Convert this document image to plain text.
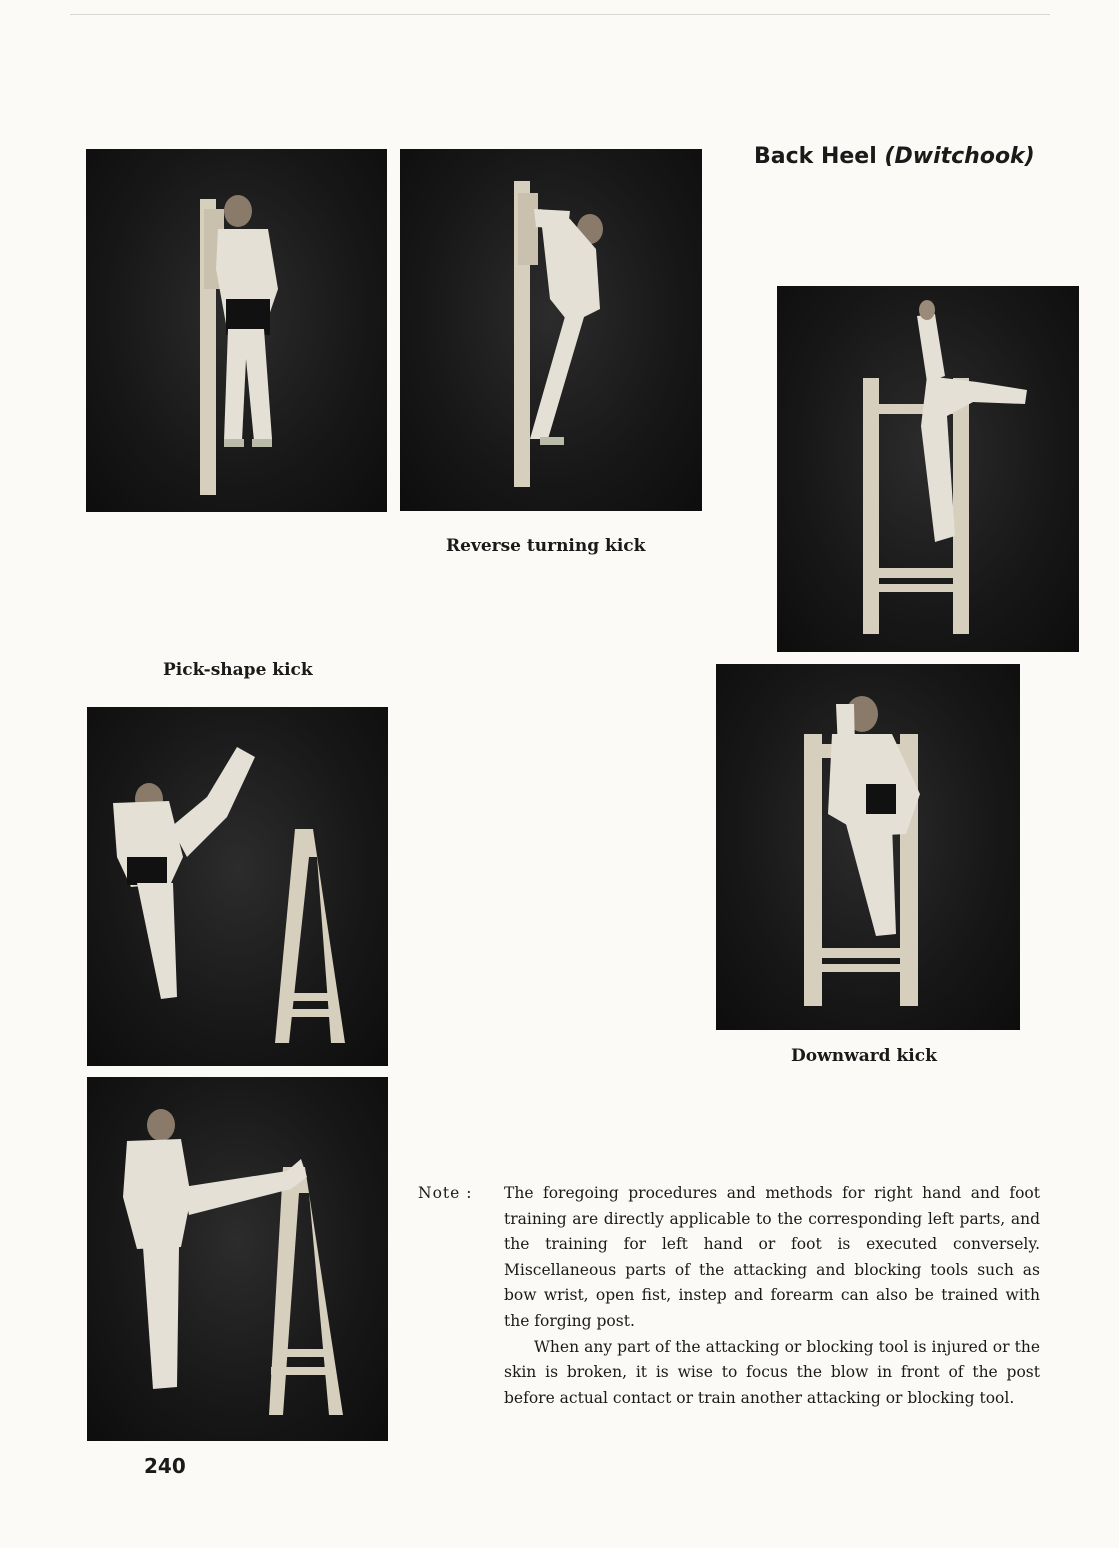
Reverse turning kick
Back Heel (Dwitchook)
Pick-shape kick
Downward kick
Note :	The foregoing procedures and methods for right hand and foot training are directly applicable to the corresponding left parts, and the training for left hand or foot is executed conversely. Miscellaneous parts of the attacking and blocking tools such as bow wrist, open fist, instep and forearm can also be trained with the forging post.

When any part of the attacking or blocking tool is injured or the skin is broken, it is wise to focus the blow in front of the post before actual contact or train another attacking or blocking tool.

240
